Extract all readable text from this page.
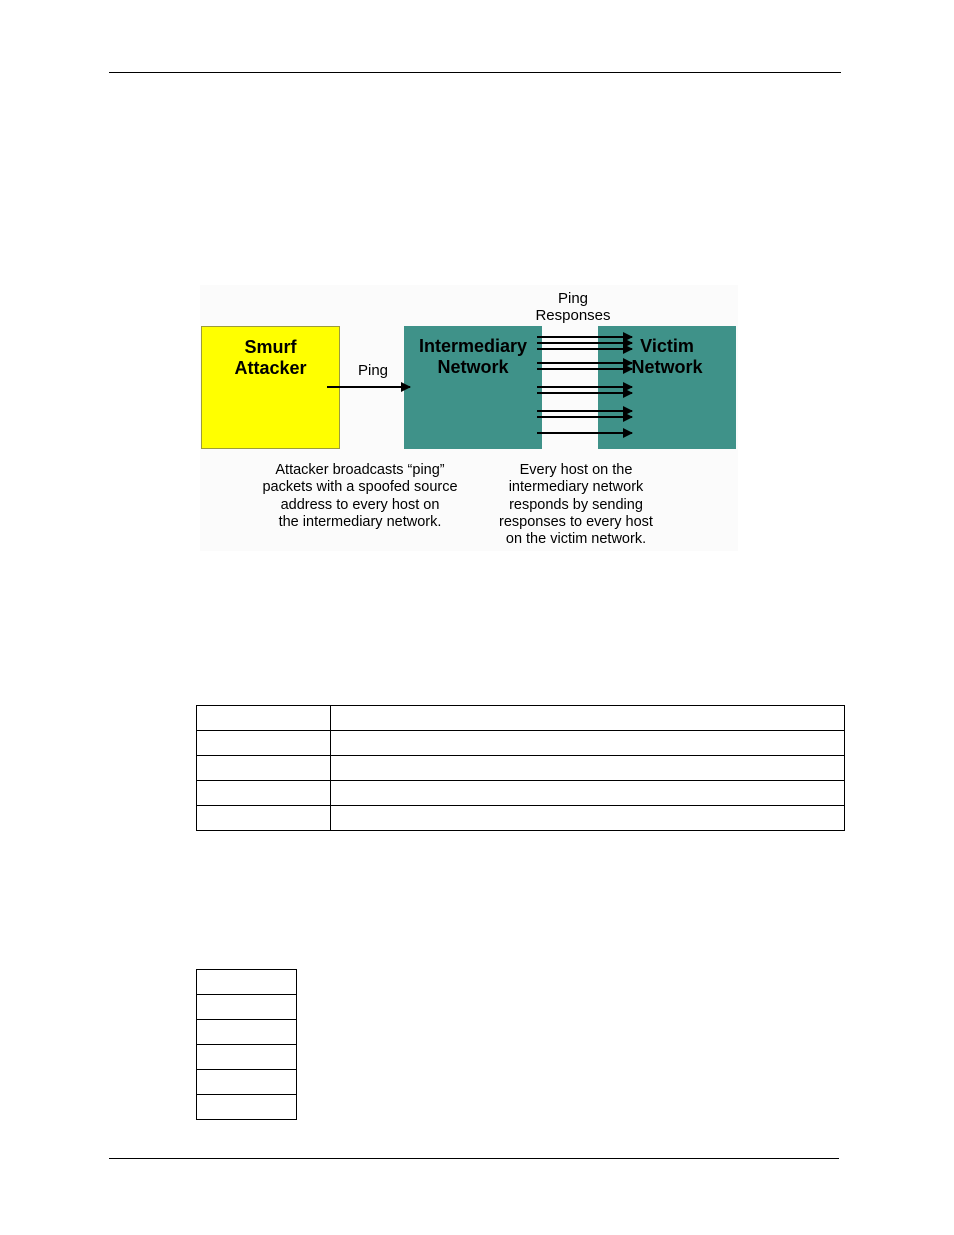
Smurf
Attacker
Intermediary
Network
Victim
Network
Ping
Ping
Responses
Attacker broadcasts “ping”
packets with a spoofed source
address to every host on
the intermediary network.
Every host on the
intermediary network
responds by sending
responses to every host
on the victim network.
